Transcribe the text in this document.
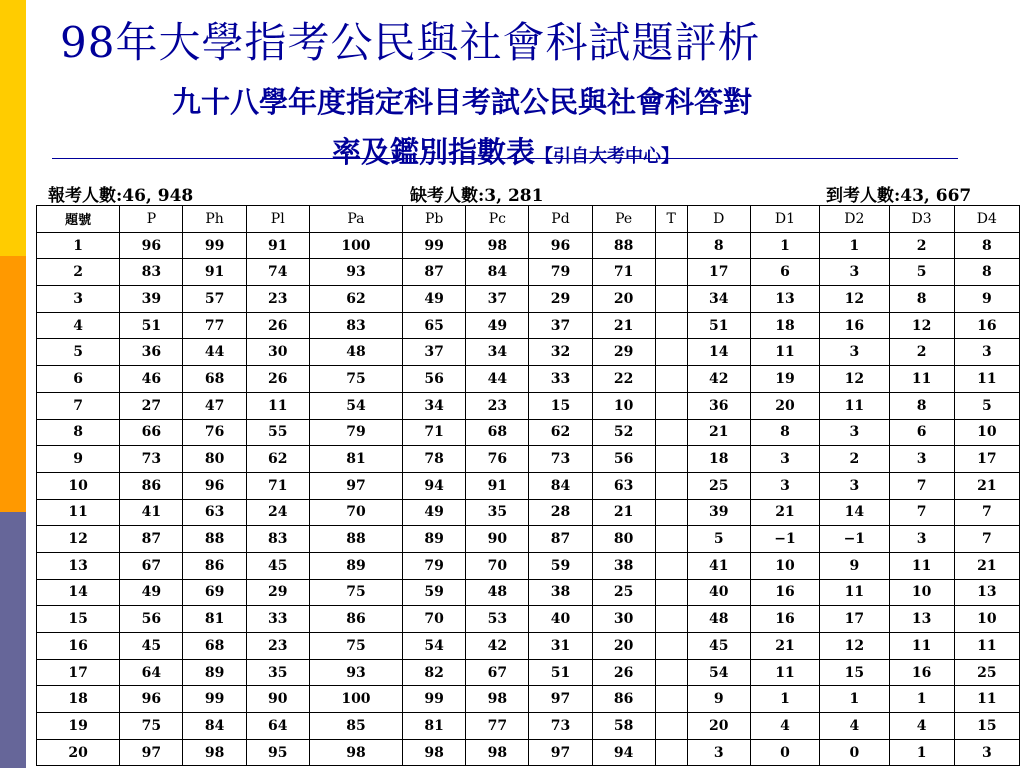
98年大學指考公民與社會科試題評析
九十八學年度指定科目考試公民與社會科答對
率及鑑別指數表【引自大考中心】
報考人數:46, 948	缺考人數:3, 281	到考人數:43, 667
題號	P	Ph	Pl	Pa	Pb	Pc	Pd	Pe	T	D	D1	D2	D3	D4
1	96	99	91	100	99	98	96	88		8	1	1	2	8
2	83	91	74	93	87	84	79	71		17	6	3	5	8
3	39	57	23	62	49	37	29	20		34	13	12	8	9
4	51	77	26	83	65	49	37	21		51	18	16	12	16
5	36	44	30	48	37	34	32	29		14	11	3	2	3
6	46	68	26	75	56	44	33	22		42	19	12	11	11
7	27	47	11	54	34	23	15	10		36	20	11	8	5
8	66	76	55	79	71	68	62	52		21	8	3	6	10
9	73	80	62	81	78	76	73	56		18	3	2	3	17
10	86	96	71	97	94	91	84	63		25	3	3	7	21
11	41	63	24	70	49	35	28	21		39	21	14	7	7
12	87	88	83	88	89	90	87	80		5	−1	−1	3	7
13	67	86	45	89	79	70	59	38		41	10	9	11	21
14	49	69	29	75	59	48	38	25		40	16	11	10	13
15	56	81	33	86	70	53	40	30		48	16	17	13	10
16	45	68	23	75	54	42	31	20		45	21	12	11	11
17	64	89	35	93	82	67	51	26		54	11	15	16	25
18	96	99	90	100	99	98	97	86		9	1	1	1	11
19	75	84	64	85	81	77	73	58		20	4	4	4	15
20	97	98	95	98	98	98	97	94		3	0	0	1	3
